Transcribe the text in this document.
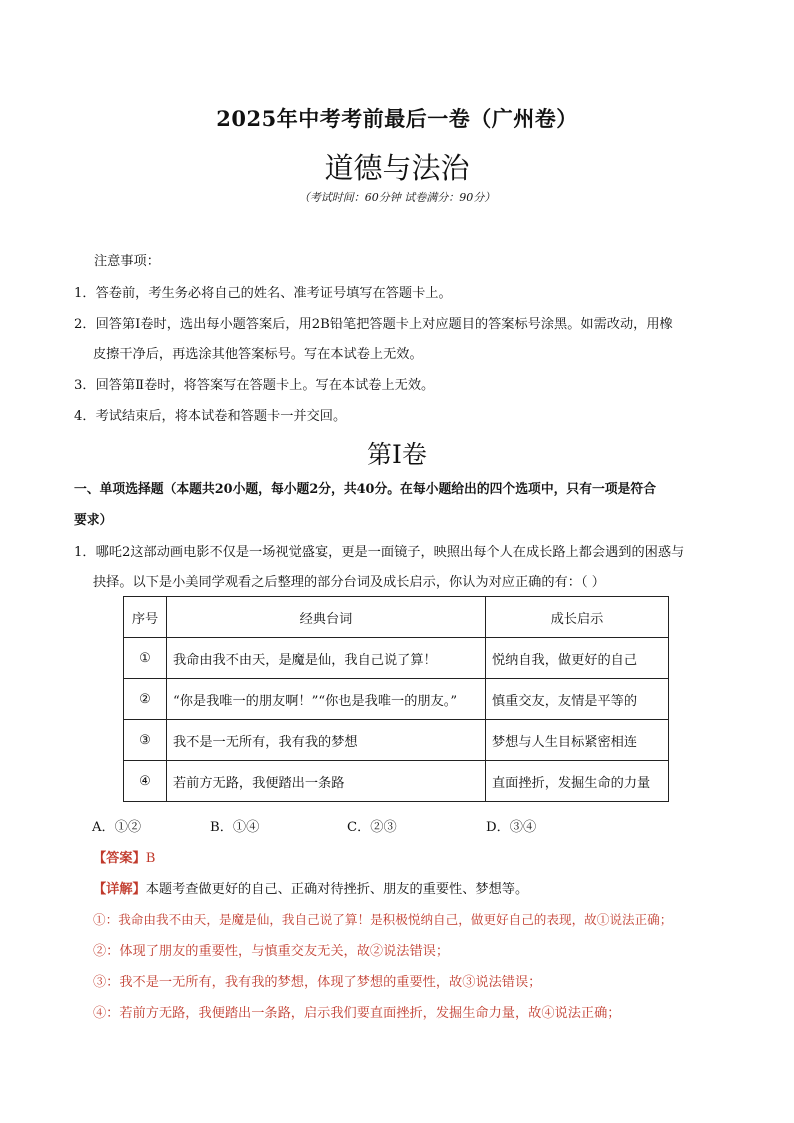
2025年中考考前最后一卷（广州卷）
道德与法治
（考试时间：60分钟 试卷满分：90分）
注意事项：
1．答卷前，考生务必将自己的姓名、准考证号填写在答题卡上。
2．回答第Ⅰ卷时，选出每小题答案后，用2B铅笔把答题卡上对应题目的答案标号涂黑。如需改动，用橡
皮擦干净后，再选涂其他答案标号。写在本试卷上无效。
3．回答第Ⅱ卷时，将答案写在答题卡上。写在本试卷上无效。
4．考试结束后，将本试卷和答题卡一并交回。
第Ⅰ卷
一、单项选择题（本题共20小题，每小题2分，共40分。在每小题给出的四个选项中，只有一项是符合
要求）
1．哪吒2这部动画电影不仅是一场视觉盛宴，更是一面镜子，映照出每个人在成长路上都会遇到的困惑与
抉择。以下是小美同学观看之后整理的部分台词及成长启示，你认为对应正确的有：（ ）
序号	经典台词	成长启示
①	我命由我不由天，是魔是仙，我自己说了算！	悦纳自我，做更好的自己
②	“你是我唯一的朋友啊！”“你也是我唯一的朋友。”	慎重交友，友情是平等的
③	我不是一无所有，我有我的梦想	梦想与人生目标紧密相连
④	若前方无路，我便踏出一条路	直面挫折，发掘生命的力量
A．①②	B．①④	C．②③	D．③④
【答案】B
【详解】本题考查做更好的自己、正确对待挫折、朋友的重要性、梦想等。
①：我命由我不由天，是魔是仙，我自己说了算！是积极悦纳自己，做更好自己的表现，故①说法正确；
②：体现了朋友的重要性，与慎重交友无关，故②说法错误；
③：我不是一无所有，我有我的梦想，体现了梦想的重要性，故③说法错误；
④：若前方无路，我便踏出一条路，启示我们要直面挫折，发掘生命力量，故④说法正确；
